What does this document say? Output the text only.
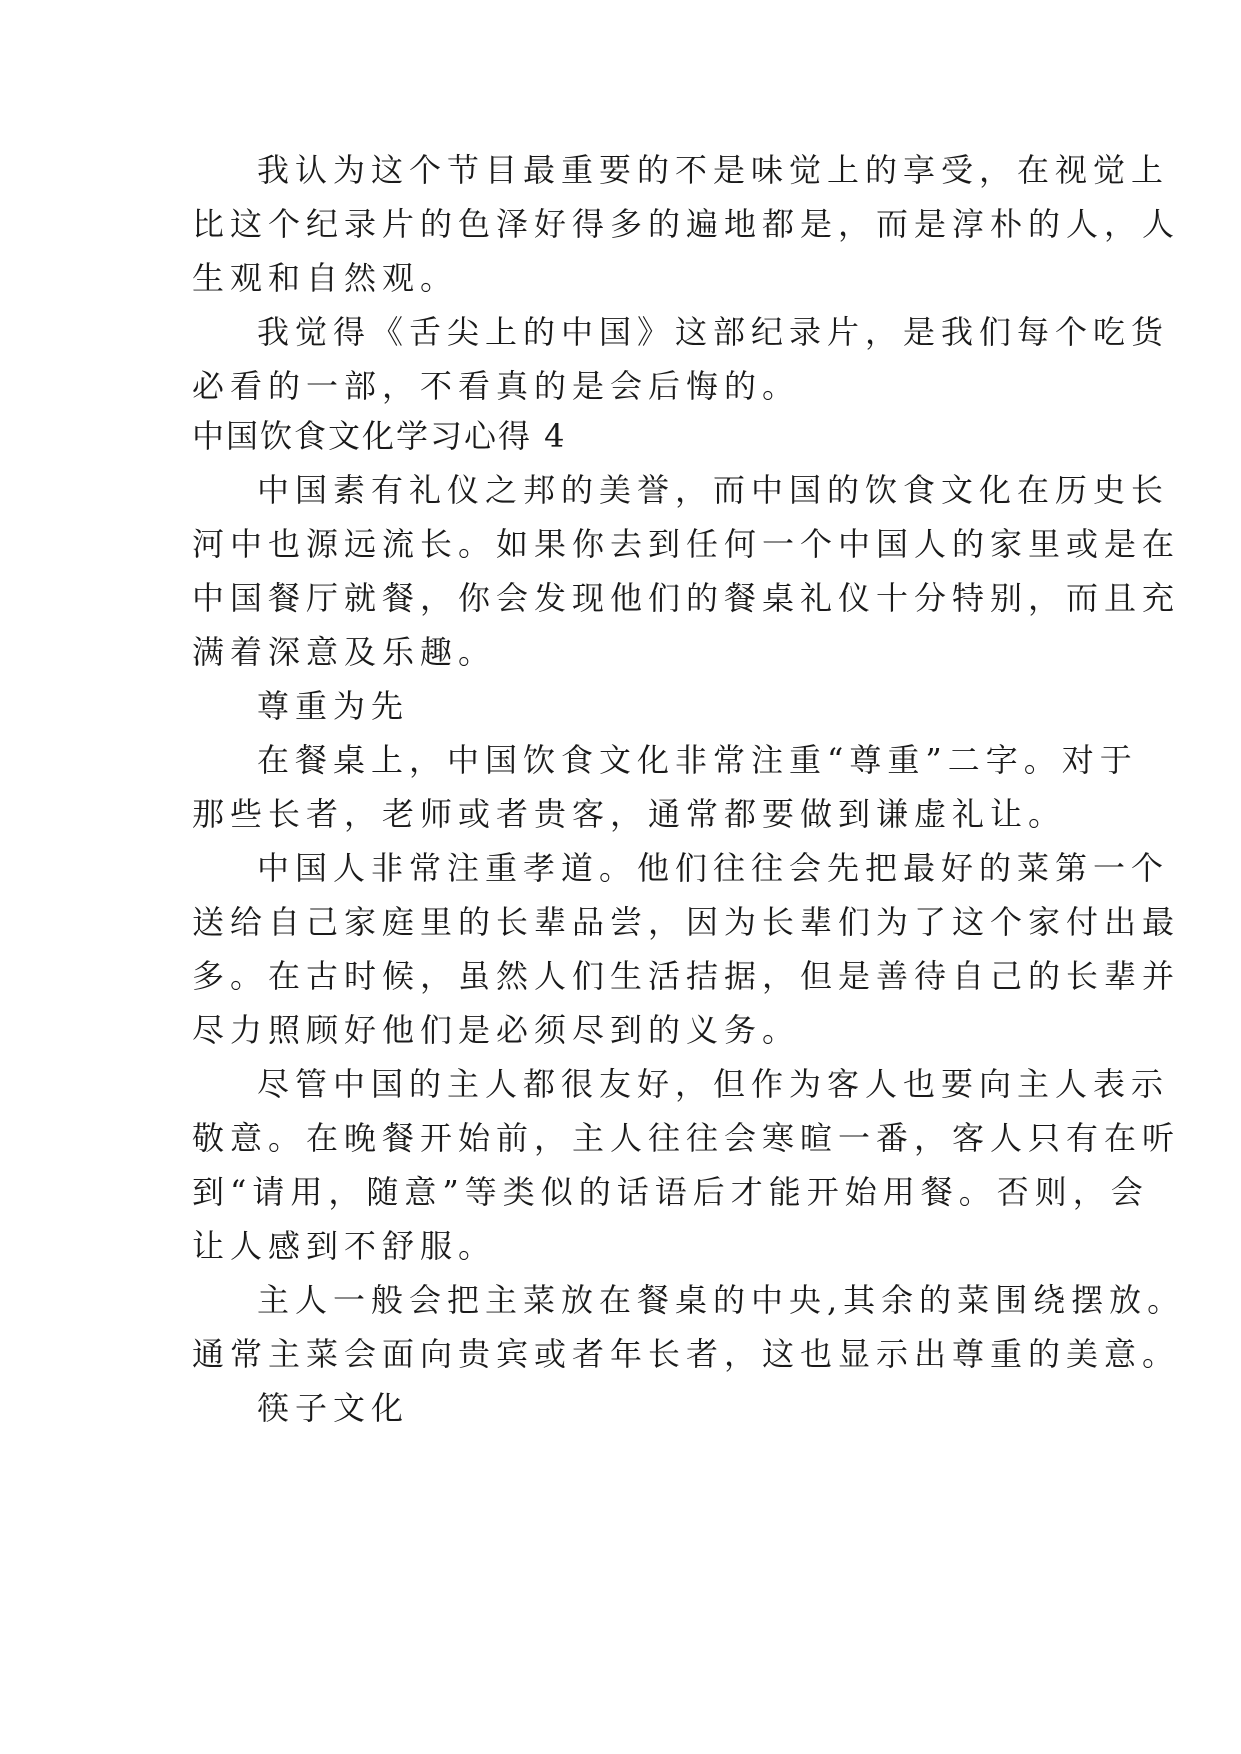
我认为这个节目最重要的不是味觉上的享受，在视觉上
比这个纪录片的色泽好得多的遍地都是，而是淳朴的人，人
生观和自然观。
我觉得《舌尖上的中国》这部纪录片，是我们每个吃货
必看的一部，不看真的是会后悔的。
中国饮食文化学习心得 4
中国素有礼仪之邦的美誉，而中国的饮食文化在历史长
河中也源远流长。如果你去到任何一个中国人的家里或是在
中国餐厅就餐，你会发现他们的餐桌礼仪十分特别，而且充
满着深意及乐趣。
尊重为先
在餐桌上，中国饮食文化非常注重“尊重”二字。对于
那些长者，老师或者贵客，通常都要做到谦虚礼让。
中国人非常注重孝道。他们往往会先把最好的菜第一个
送给自己家庭里的长辈品尝，因为长辈们为了这个家付出最
多。在古时候，虽然人们生活拮据，但是善待自己的长辈并
尽力照顾好他们是必须尽到的义务。
尽管中国的主人都很友好，但作为客人也要向主人表示
敬意。在晚餐开始前，主人往往会寒暄一番，客人只有在听
到“请用，随意”等类似的话语后才能开始用餐。否则，会
让人感到不舒服。
主人一般会把主菜放在餐桌的中央,其余的菜围绕摆放。
通常主菜会面向贵宾或者年长者，这也显示出尊重的美意。
筷子文化
